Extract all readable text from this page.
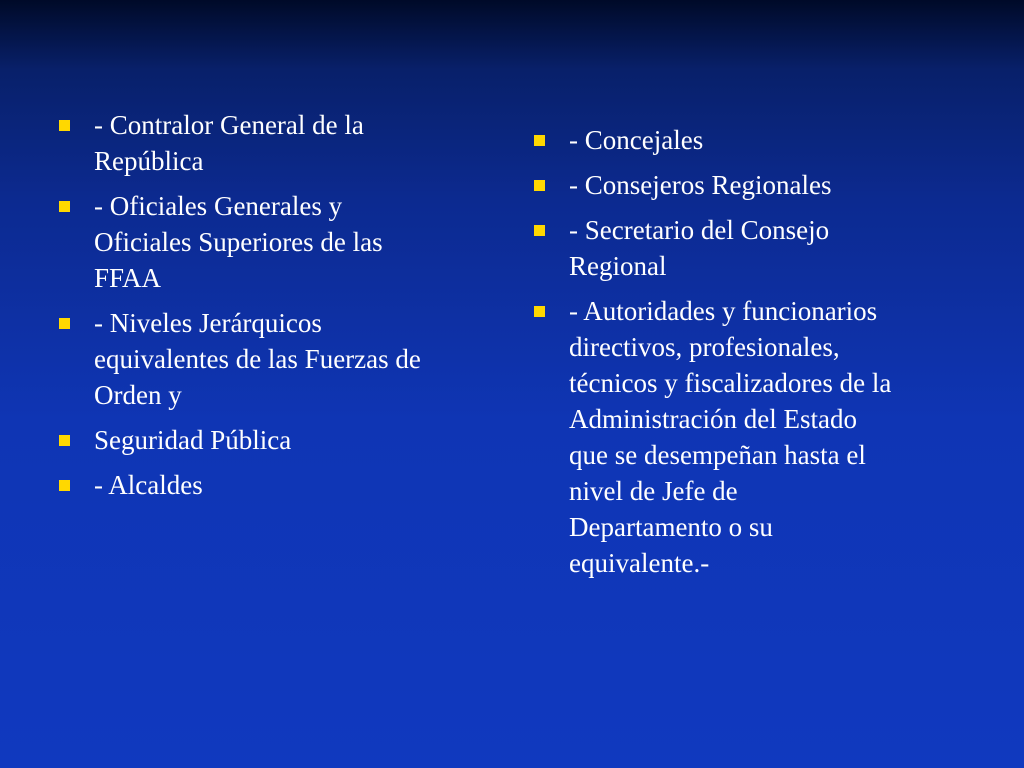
- Contralor General de la
República
- Oficiales Generales y
Oficiales Superiores de las
FFAA
- Niveles Jerárquicos
equivalentes de las Fuerzas de
Orden y
Seguridad Pública
- Alcaldes
- Concejales
- Consejeros Regionales
- Secretario del Consejo
Regional
- Autoridades y funcionarios
directivos, profesionales,
técnicos y fiscalizadores de la
Administración del Estado
que se desempeñan hasta el
nivel de Jefe de
Departamento o su
equivalente.-
